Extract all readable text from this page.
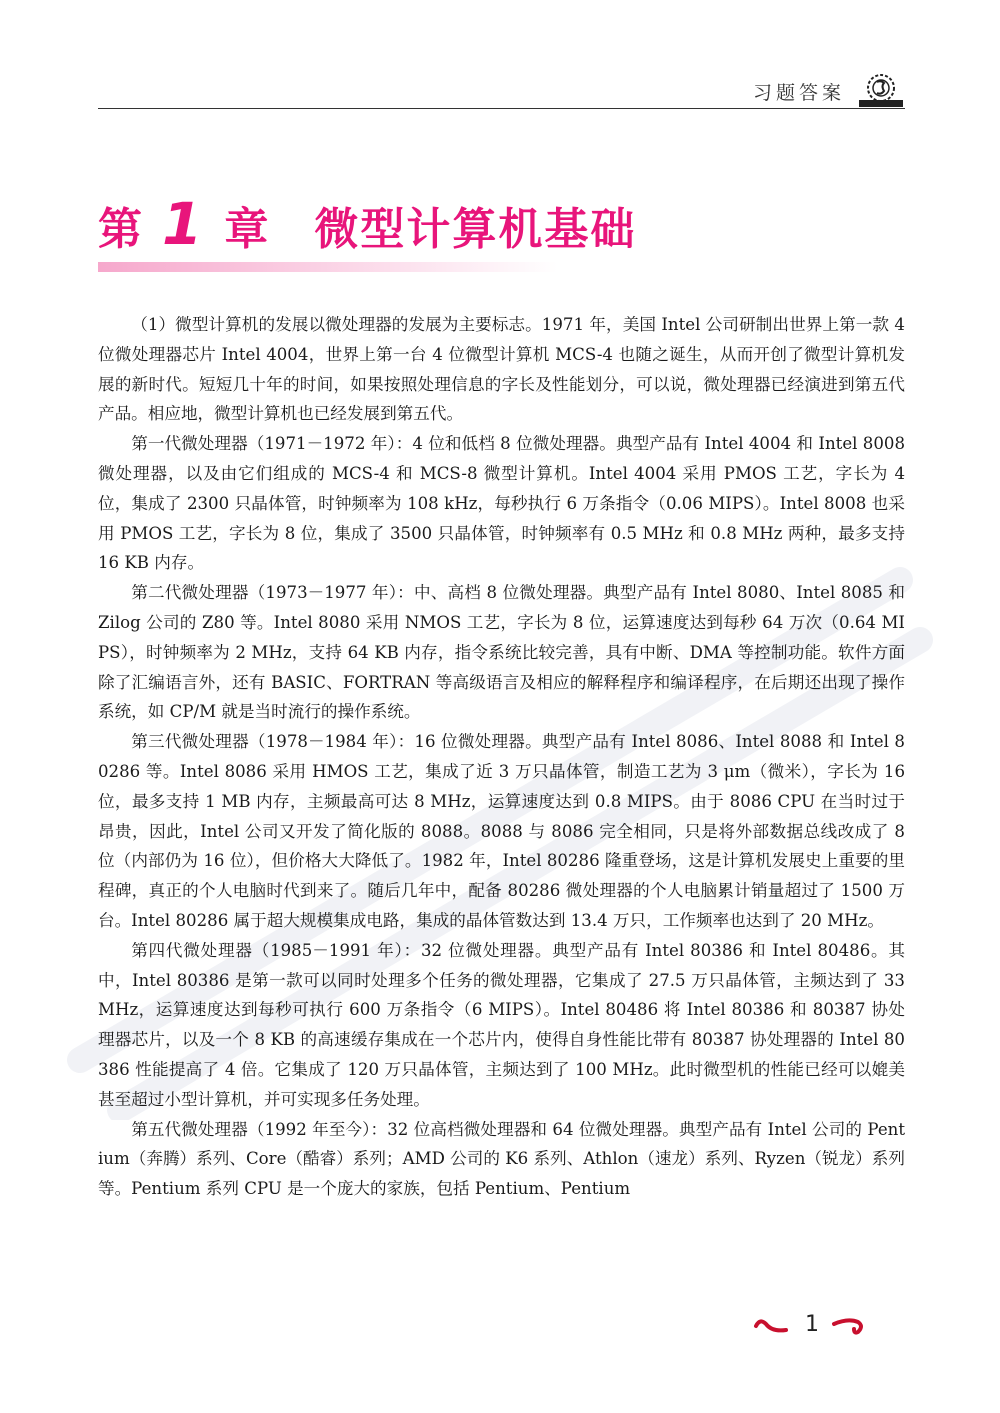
习题答案
第 1 章 微型计算机基础

（1）微型计算机的发展以微处理器的发展为主要标志。1971 年，美国 Intel 公司研制出世界上第一款 4 位微处理器芯片 Intel 4004，世界上第一台 4 位微型计算机 MCS-4 也随之诞生，从而开创了微型计算机发展的新时代。短短几十年的时间，如果按照处理信息的字长及性能划分，可以说，微处理器已经演进到第五代产品。相应地，微型计算机也已经发展到第五代。

第一代微处理器（1971－1972 年）：4 位和低档 8 位微处理器。典型产品有 Intel 4004 和 Intel 8008 微处理器，以及由它们组成的 MCS-4 和 MCS-8 微型计算机。Intel 4004 采用 PMOS 工艺，字长为 4 位，集成了 2300 只晶体管，时钟频率为 108 kHz，每秒执行 6 万条指令（0.06 MIPS）。Intel 8008 也采用 PMOS 工艺，字长为 8 位，集成了 3500 只晶体管，时钟频率有 0.5 MHz 和 0.8 MHz 两种，最多支持 16 KB 内存。

第二代微处理器（1973－1977 年）：中、高档 8 位微处理器。典型产品有 Intel 8080、Intel 8085 和 Zilog 公司的 Z80 等。Intel 8080 采用 NMOS 工艺，字长为 8 位，运算速度达到每秒 64 万次（0.64 MIPS），时钟频率为 2 MHz，支持 64 KB 内存，指令系统比较完善，具有中断、DMA 等控制功能。软件方面除了汇编语言外，还有 BASIC、FORTRAN 等高级语言及相应的解释程序和编译程序，在后期还出现了操作系统，如 CP/M 就是当时流行的操作系统。

第三代微处理器（1978－1984 年）：16 位微处理器。典型产品有 Intel 8086、Intel 8088 和 Intel 80286 等。Intel 8086 采用 HMOS 工艺，集成了近 3 万只晶体管，制造工艺为 3 μm（微米），字长为 16 位，最多支持 1 MB 内存，主频最高可达 8 MHz，运算速度达到 0.8 MIPS。由于 8086 CPU 在当时过于昂贵，因此，Intel 公司又开发了简化版的 8088。8088 与 8086 完全相同，只是将外部数据总线改成了 8 位（内部仍为 16 位），但价格大大降低了。1982 年，Intel 80286 隆重登场，这是计算机发展史上重要的里程碑，真正的个人电脑时代到来了。随后几年中，配备 80286 微处理器的个人电脑累计销量超过了 1500 万台。Intel 80286 属于超大规模集成电路，集成的晶体管数达到 13.4 万只，工作频率也达到了 20 MHz。

第四代微处理器（1985－1991 年）：32 位微处理器。典型产品有 Intel 80386 和 Intel 80486。其中，Intel 80386 是第一款可以同时处理多个任务的微处理器，它集成了 27.5 万只晶体管，主频达到了 33 MHz，运算速度达到每秒可执行 600 万条指令（6 MIPS）。Intel 80486 将 Intel 80386 和 80387 协处理器芯片，以及一个 8 KB 的高速缓存集成在一个芯片内，使得自身性能比带有 80387 协处理器的 Intel 80386 性能提高了 4 倍。它集成了 120 万只晶体管，主频达到了 100 MHz。此时微型机的性能已经可以媲美甚至超过小型计算机，并可实现多任务处理。

第五代微处理器（1992 年至今）：32 位高档微处理器和 64 位微处理器。典型产品有 Intel 公司的 Pentium（奔腾）系列、Core（酷睿）系列；AMD 公司的 K6 系列、Athlon（速龙）系列、Ryzen（锐龙）系列等。Pentium 系列 CPU 是一个庞大的家族，包括 Pentium、Pentium

1
